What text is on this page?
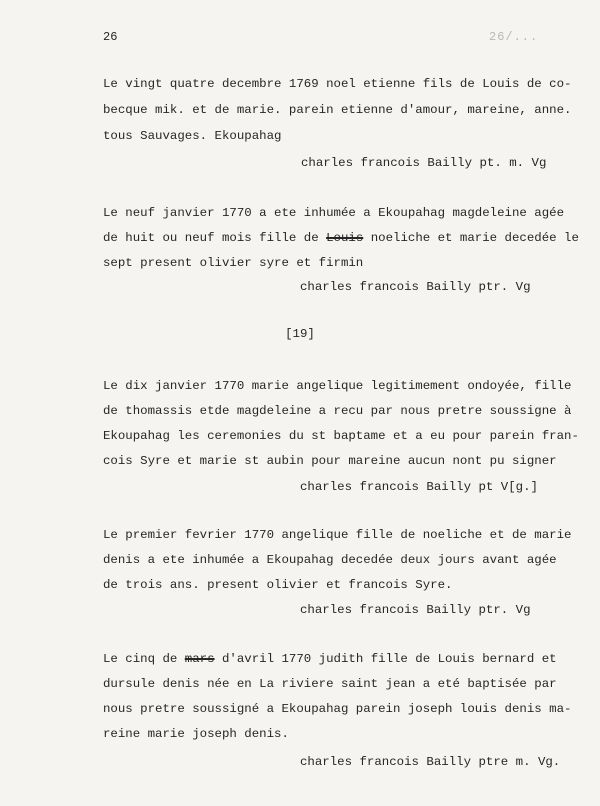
26	26/...
Le vingt quatre decembre 1769 noel etienne fils de Louis de co-
becque mik. et de marie. parein etienne d'amour, mareine, anne.
tous Sauvages. Ekoupahag
charles francois Bailly pt. m. Vg
Le neuf janvier 1770 a ete inhumée a Ekoupahag magdeleine agée
de huit ou neuf mois fille de Louis noeliche et marie decedée le
sept present olivier syre et firmin
charles francois Bailly ptr. Vg
[19]
Le dix janvier 1770 marie angelique legitimement ondoyée, fille
de thomassis etde magdeleine a recu par nous pretre soussigne à
Ekoupahag les ceremonies du st baptame et a eu pour parein fran-
cois Syre et marie st aubin pour mareine aucun nont pu signer
charles francois Bailly pt V[g.]
Le premier fevrier 1770 angelique fille de noeliche et de marie
denis a ete inhumée a Ekoupahag decedée deux jours avant agée
de trois ans. present olivier et francois Syre.
charles francois Bailly ptr. Vg
Le cinq de mars d'avril 1770 judith fille de Louis bernard et
dursule denis née en La riviere saint jean a eté baptisée par
nous pretre soussigné a Ekoupahag parein joseph louis denis ma-
reine marie joseph denis.
charles francois Bailly ptre m. Vg.
